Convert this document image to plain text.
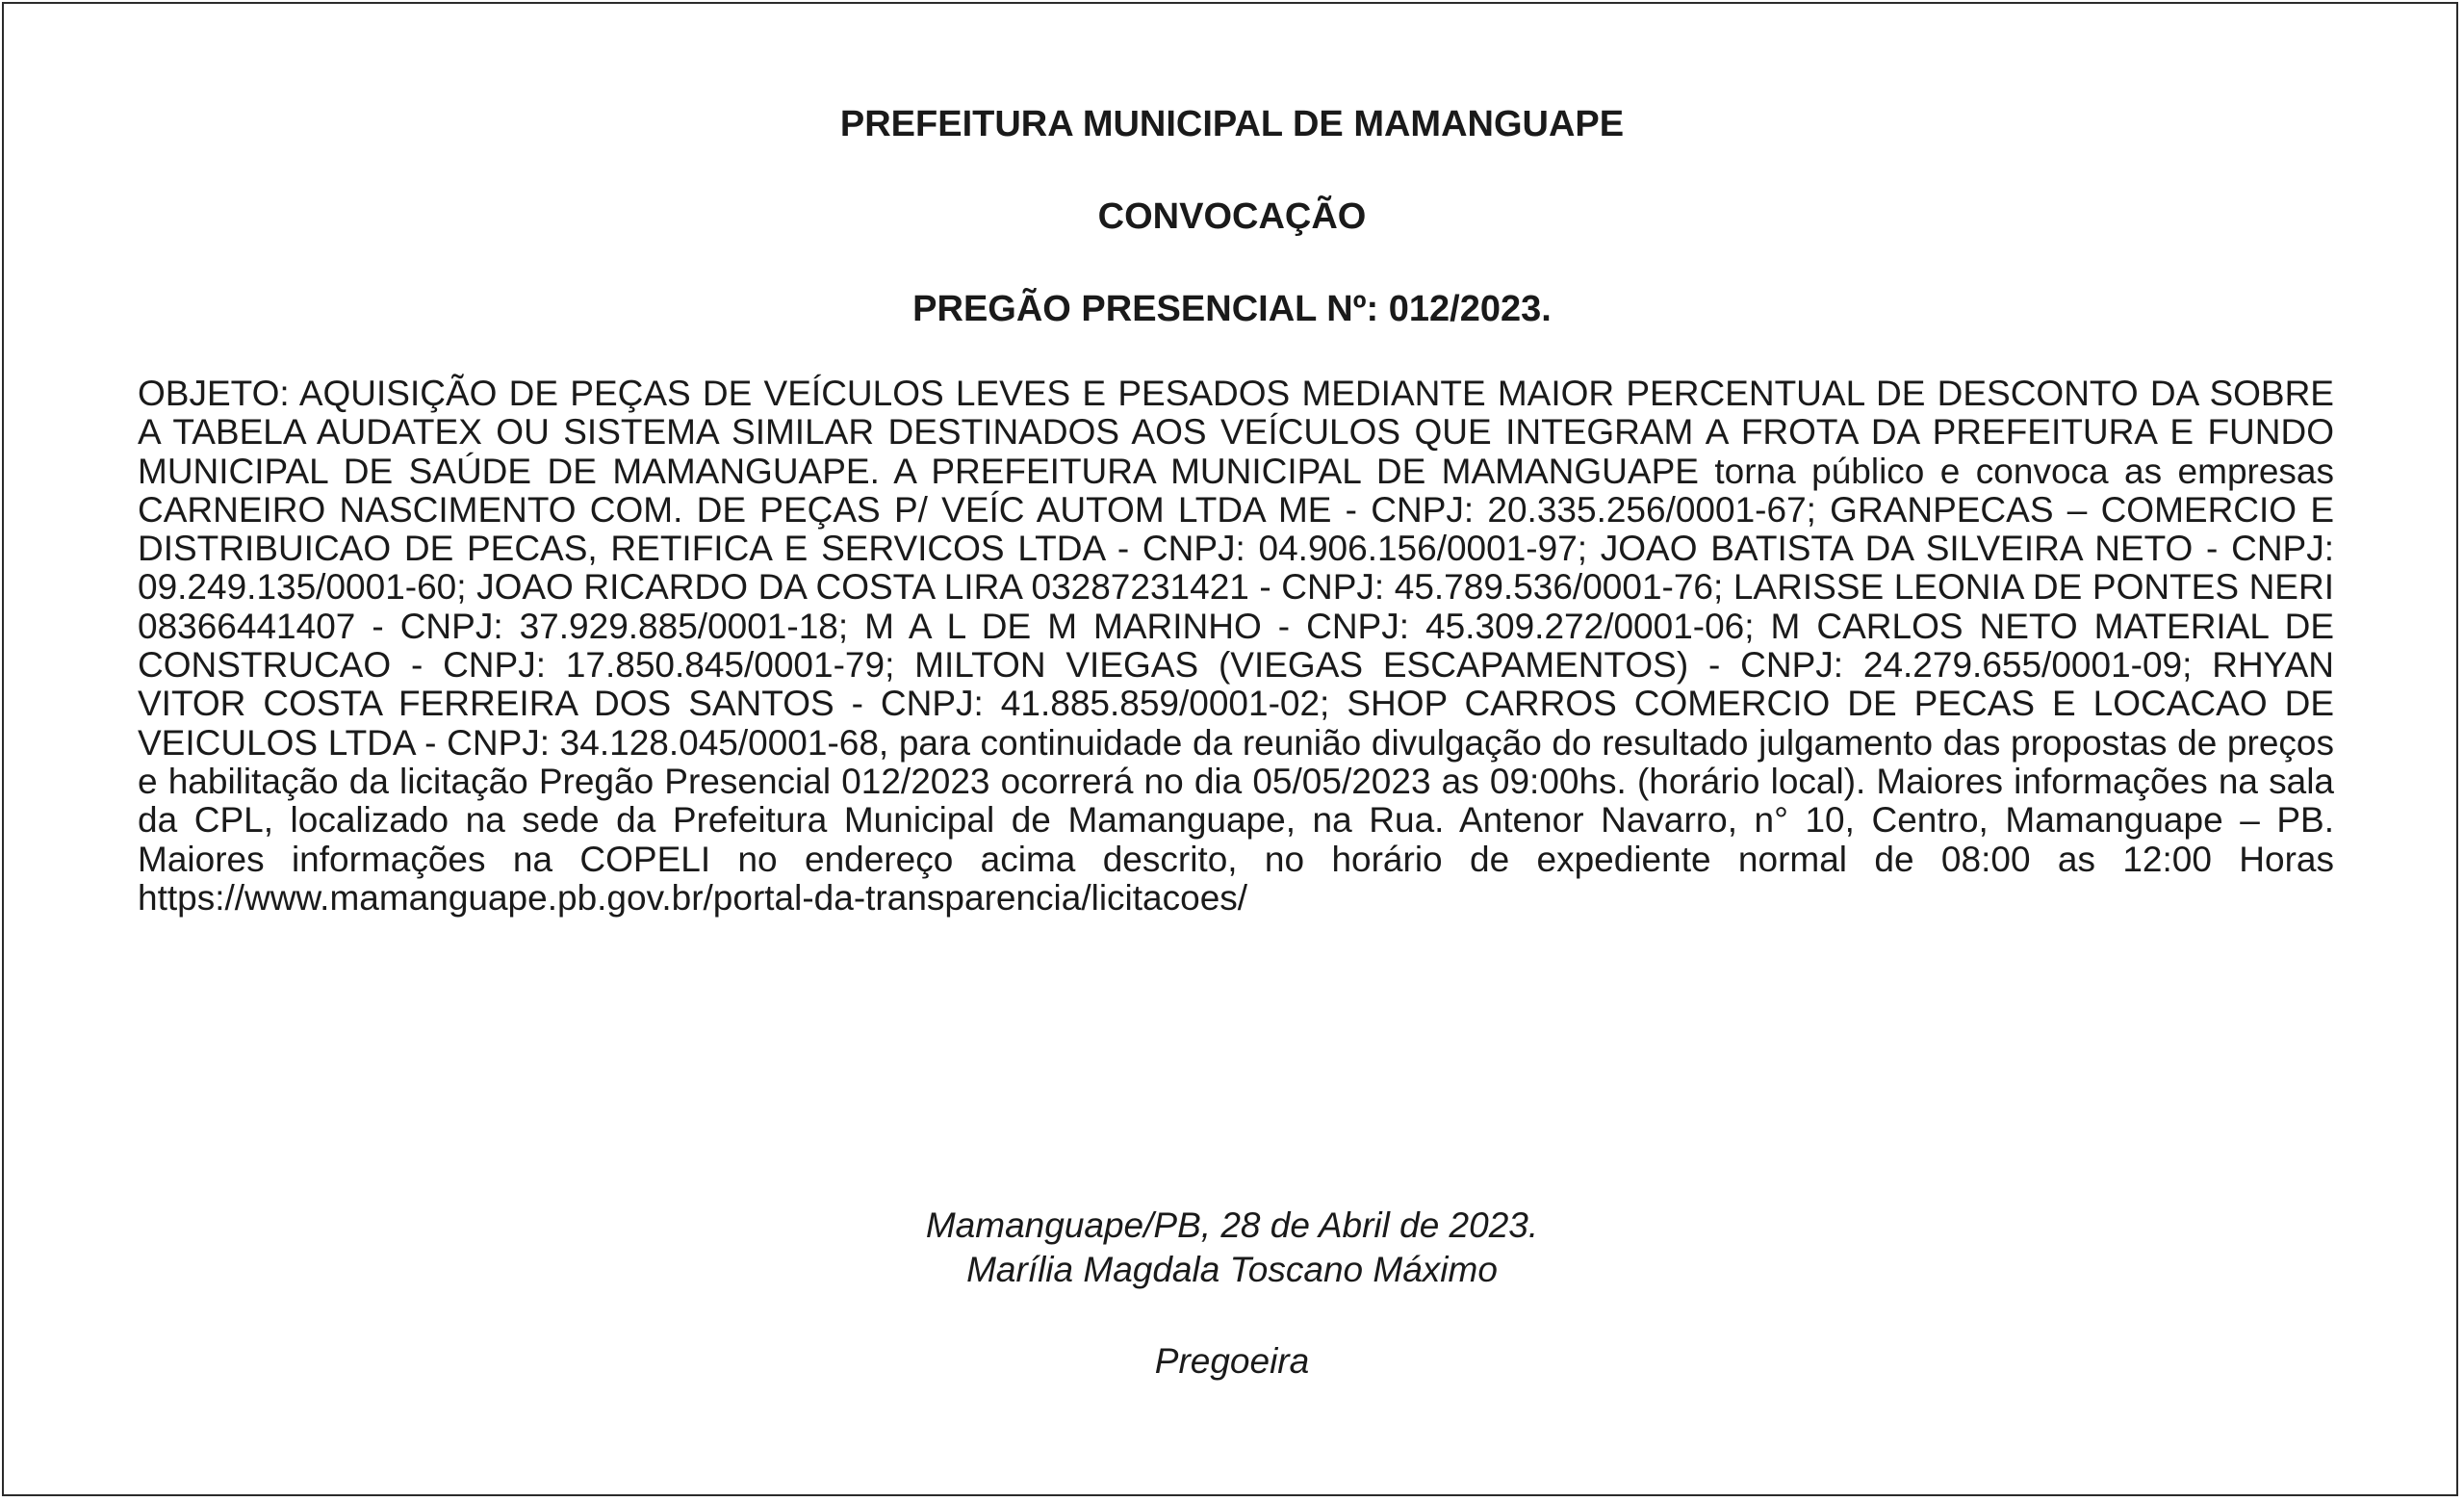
PREFEITURA MUNICIPAL DE MAMANGUAPE
CONVOCAÇÃO
PREGÃO PRESENCIAL Nº: 012/2023.

OBJETO: AQUISIÇÃO DE PEÇAS DE VEÍCULOS LEVES E PESADOS MEDIANTE MAIOR PERCENTUAL DE DESCONTO DA SOBRE A TABELA AUDATEX OU SISTEMA SIMILAR DESTINADOS AOS VEÍCULOS QUE INTEGRAM A FROTA DA PREFEITURA E FUNDO MUNICIPAL DE SAÚDE DE MAMANGUAPE. A PREFEITURA MUNICIPAL DE MAMANGUAPE torna público e convoca as empresas CARNEIRO NASCIMENTO COM. DE PEÇAS P/ VEÍC AUTOM LTDA ME - CNPJ: 20.335.256/0001-67; GRANPECAS – COMERCIO E DISTRIBUICAO DE PECAS, RETIFICA E SERVICOS LTDA - CNPJ: 04.906.156/0001-97; JOAO BATISTA DA SILVEIRA NETO - CNPJ: 09.249.135/0001-60; JOAO RICARDO DA COSTA LIRA 03287231421 - CNPJ: 45.789.536/0001-76; LARISSE LEONIA DE PONTES NERI 08366441407 - CNPJ: 37.929.885/0001-18; M A L DE M MARINHO - CNPJ: 45.309.272/0001-06; M CARLOS NETO MATERIAL DE CONSTRUCAO - CNPJ: 17.850.845/0001-79; MILTON VIEGAS (VIEGAS ESCAPAMENTOS) - CNPJ: 24.279.655/0001-09; RHYAN VITOR COSTA FERREIRA DOS SANTOS - CNPJ: 41.885.859/0001-02; SHOP CARROS COMERCIO DE PECAS E LOCACAO DE VEICULOS LTDA - CNPJ: 34.128.045/0001-68, para continuidade da reunião divulgação do resultado julgamento das propostas de preços e habilitação da licitação Pregão Presencial 012/2023 ocorrerá no dia 05/05/2023 as 09:00hs. (horário local). Maiores informações na sala da CPL, localizado na sede da Prefeitura Municipal de Mamanguape, na Rua. Antenor Navarro, n° 10, Centro, Mamanguape – PB. Maiores informações na COPELI no endereço acima descrito, no horário de expediente normal de 08:00 as 12:00 Horas https://www.mamanguape.pb.gov.br/portal-da-transparencia/licitacoes/

Mamanguape/PB, 28 de Abril de 2023.
Marília Magdala Toscano Máximo
Pregoeira
